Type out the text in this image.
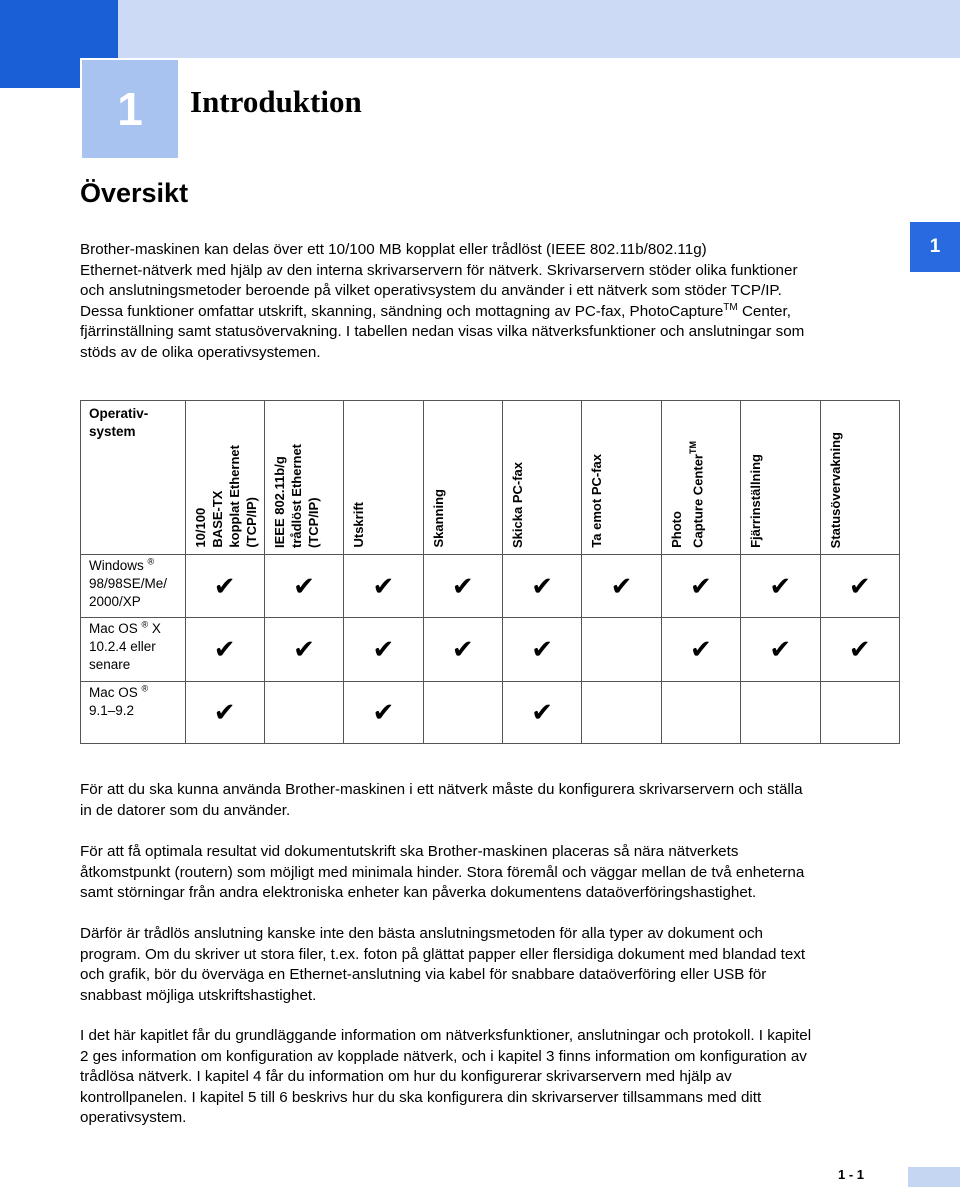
1 Introduktion
Översikt
1
Brother-maskinen kan delas över ett 10/100 MB kopplat eller trådlöst (IEEE 802.11b/802.11g)
Ethernet-nätverk med hjälp av den interna skrivarservern för nätverk. Skrivarservern stöder olika funktioner
och anslutningsmetoder beroende på vilket operativsystem du använder i ett nätverk som stöder TCP/IP.
Dessa funktioner omfattar utskrift, skanning, sändning och mottagning av PC-fax, PhotoCapture™ Center,
fjärrinställning samt statusövervakning. I tabellen nedan visas vilka nätverksfunktioner och anslutningar som
stöds av de olika operativsystemen.
Operativ-
system	10/100
BASE-TX
kopplat Ethernet
(TCP/IP)	IEEE 802.11b/g
trådlöst Ethernet
(TCP/IP)	Utskrift	Skanning	Skicka PC-fax	Ta emot PC-fax	Photo
Capture Center™	Fjärrinställning	Statusövervakning

Windows ®
98/98SE/Me/
2000/XP	✔	✔	✔	✔	✔	✔	✔	✔	✔

Mac OS ® X
10.2.4 eller
senare	✔	✔	✔	✔	✔		✔	✔	✔

Mac OS ®
9.1–9.2	✔		✔		✔				
För att du ska kunna använda Brother-maskinen i ett nätverk måste du konfigurera skrivarservern och ställa
in de datorer som du använder.
För att få optimala resultat vid dokumentutskrift ska Brother-maskinen placeras så nära nätverkets
åtkomstpunkt (routern) som möjligt med minimala hinder. Stora föremål och väggar mellan de två enheterna
samt störningar från andra elektroniska enheter kan påverka dokumentens dataöverföringshastighet.
Därför är trådlös anslutning kanske inte den bästa anslutningsmetoden för alla typer av dokument och
program. Om du skriver ut stora filer, t.ex. foton på glättat papper eller flersidiga dokument med blandad text
och grafik, bör du överväga en Ethernet-anslutning via kabel för snabbare dataöverföring eller USB för
snabbast möjliga utskriftshastighet.
I det här kapitlet får du grundläggande information om nätverksfunktioner, anslutningar och protokoll. I kapitel
2 ges information om konfiguration av kopplade nätverk, och i kapitel 3 finns information om konfiguration av
trådlösa nätverk. I kapitel 4 får du information om hur du konfigurerar skrivarservern med hjälp av
kontrollpanelen. I kapitel 5 till 6 beskrivs hur du ska konfigurera din skrivarserver tillsammans med ditt
operativsystem.
1 - 1
